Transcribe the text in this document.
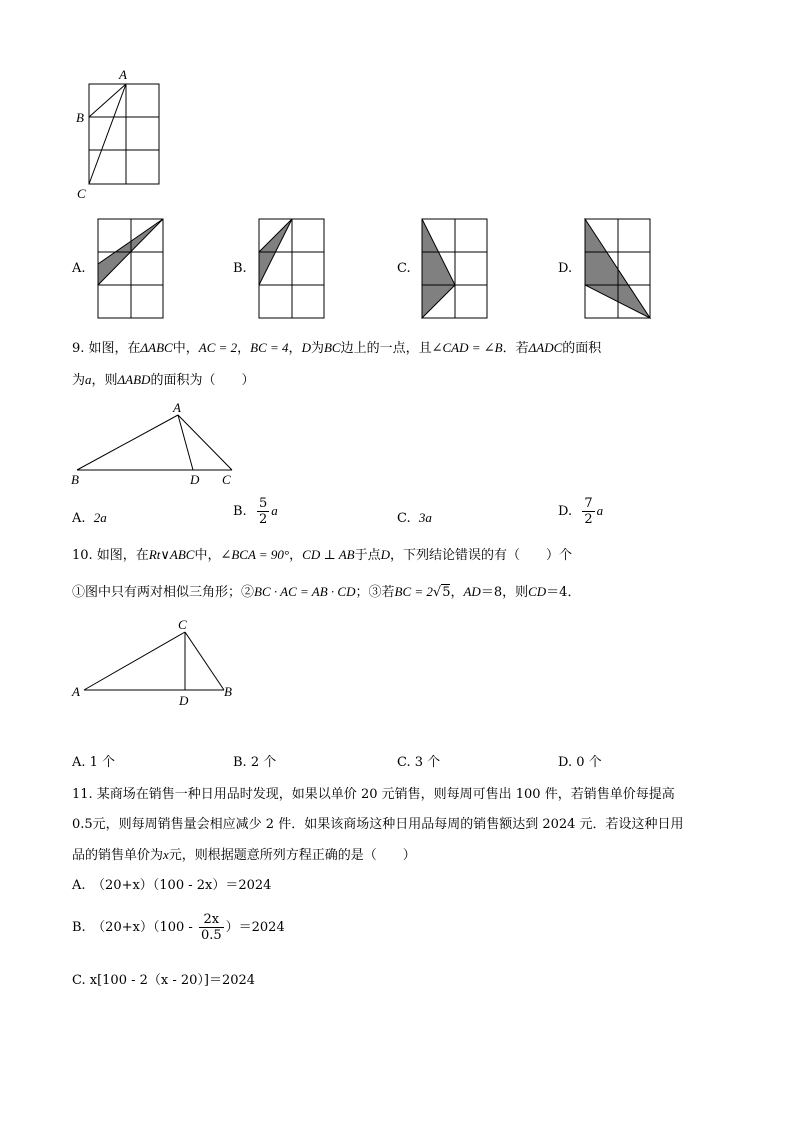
A
B
C
A.	B.	C.	D.
9. 如图，在ΔABC中，AC = 2，BC = 4，D为BC边上的一点，且∠CAD = ∠B．若ΔADC的面积
为a，则ΔABD的面积为（　　）
A
B	D C
A. 2a	B. $\frac{5}{2}$ a
C. 3a	D. $\frac{7}{2}$ a
10. 如图，在Rt∨ABC中，∠BCA = 90°，CD ⊥ AB于点D，下列结论错误的有（　　）个
①图中只有两对相似三角形；②BC · AC = AB · CD；③若BC = 2√5，AD＝8，则CD＝4．
C
A
D
B
A. 1 个	B. 2 个	C. 3 个	D. 0 个
11. 某商场在销售一种日用品时发现，如果以单价 20 元销售，则每周可售出 100 件，若销售单价每提高
0.5元，则每周销售量会相应减少 2 件．如果该商场这种日用品每周的销售额达到 2024 元．若设这种日用
品的销售单价为x元，则根据题意所列方程正确的是（　　）
A.　（20+x）（100 - 2x）＝2024
B.　$(20+x)(100 - \frac{2x}{0.5} )=2024$
C. x[100 - 2（x - 20）]＝2024
